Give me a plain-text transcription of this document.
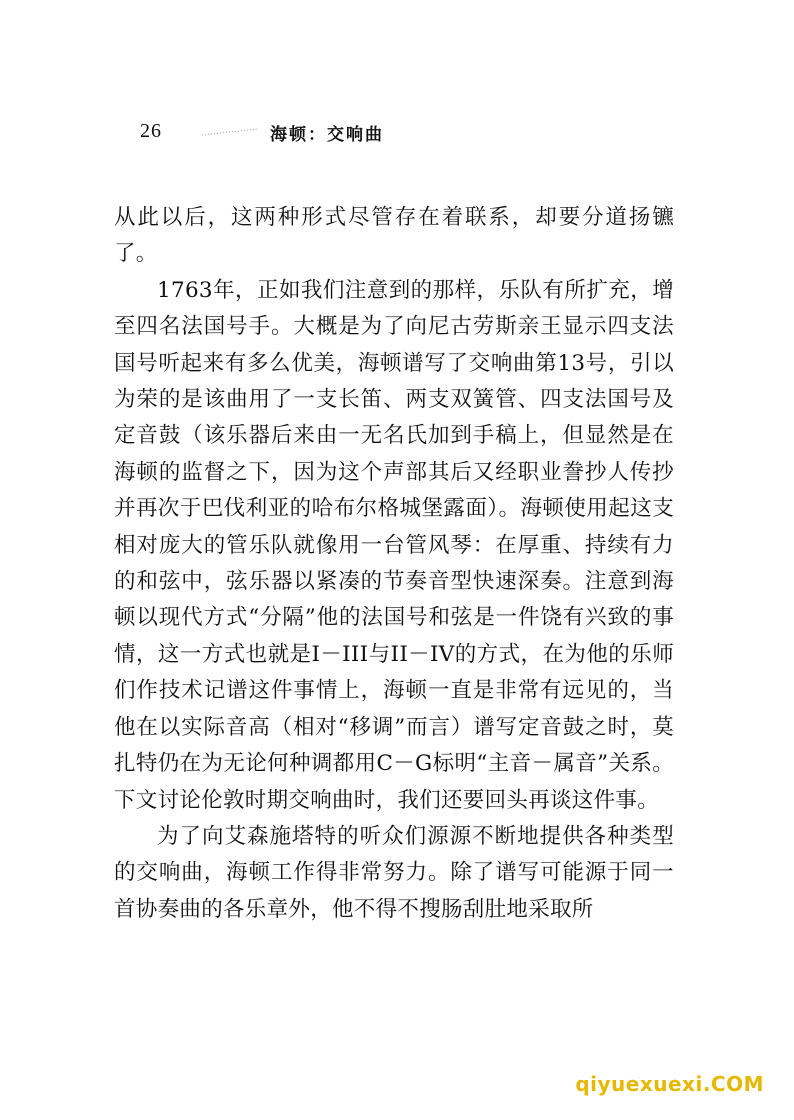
26	海顿：交响曲

从此以后，这两种形式尽管存在着联系，却要分道扬镳了。

1763年，正如我们注意到的那样，乐队有所扩充，增至四名法国号手。大概是为了向尼古劳斯亲王显示四支法国号听起来有多么优美，海顿谱写了交响曲第13号，引以为荣的是该曲用了一支长笛、两支双簧管、四支法国号及定音鼓（该乐器后来由一无名氏加到手稿上，但显然是在海顿的监督之下，因为这个声部其后又经职业誊抄人传抄并再次于巴伐利亚的哈布尔格城堡露面）。海顿使用起这支相对庞大的管乐队就像用一台管风琴：在厚重、持续有力的和弦中，弦乐器以紧凑的节奏音型快速深奏。注意到海顿以现代方式“分隔”他的法国号和弦是一件饶有兴致的事情，这一方式也就是I－III与II－IV的方式，在为他的乐师们作技术记谱这件事情上，海顿一直是非常有远见的，当他在以实际音高（相对“移调”而言）谱写定音鼓之时，莫扎特仍在为无论何种调都用C－G标明“主音－属音”关系。下文讨论伦敦时期交响曲时，我们还要回头再谈这件事。

为了向艾森施塔特的听众们源源不断地提供各种类型的交响曲，海顿工作得非常努力。除了谱写可能源于同一首协奏曲的各乐章外，他不得不搜肠刮肚地采取所

qiyuexuexi.COM
